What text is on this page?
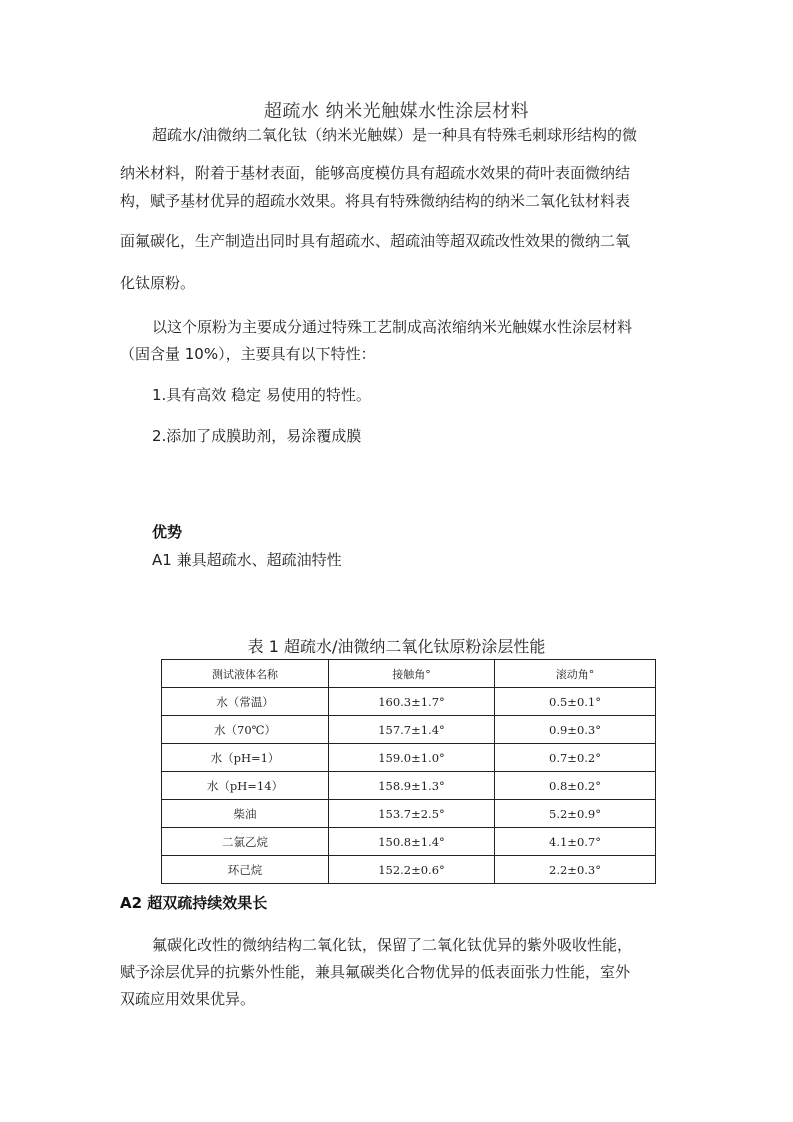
超疏水 纳米光触媒水性涂层材料
超疏水/油微纳二氧化钛（纳米光触媒）是一种具有特殊毛刺球形结构的微
纳米材料，附着于基材表面，能够高度模仿具有超疏水效果的荷叶表面微纳结
构，赋予基材优异的超疏水效果。将具有特殊微纳结构的纳米二氧化钛材料表
面氟碳化，生产制造出同时具有超疏水、超疏油等超双疏改性效果的微纳二氧
化钛原粉。
以这个原粉为主要成分通过特殊工艺制成高浓缩纳米光触媒水性涂层材料
（固含量 10%），主要具有以下特性：
1.具有高效 稳定 易使用的特性。
2.添加了成膜助剂，易涂覆成膜
优势
A1 兼具超疏水、超疏油特性
表 1 超疏水/油微纳二氧化钛原粉涂层性能
测试液体名称	接触角°	滚动角°
水（常温）	160.3±1.7°	0.5±0.1°
水（70℃）	157.7±1.4°	0.9±0.3°
水（pH=1）	159.0±1.0°	0.7±0.2°
水（pH=14）	158.9±1.3°	0.8±0.2°
柴油	153.7±2.5°	5.2±0.9°
二氯乙烷	150.8±1.4°	4.1±0.7°
环己烷	152.2±0.6°	2.2±0.3°
A2 超双疏持续效果长
氟碳化改性的微纳结构二氧化钛，保留了二氧化钛优异的紫外吸收性能，
赋予涂层优异的抗紫外性能，兼具氟碳类化合物优异的低表面张力性能，室外
双疏应用效果优异。
